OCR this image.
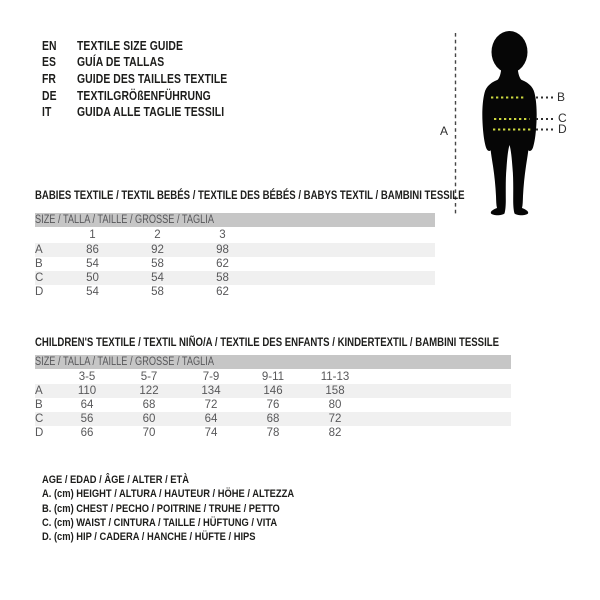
A
B
C
D
EN	TEXTILE SIZE GUIDE
ES	GUÍA DE TALLAS
FR	GUIDE DES TAILLES TEXTILE
DE	TEXTILGRÖßENFÜHRUNG
IT	GUIDA ALLE TAGLIE TESSILI
BABIES TEXTILE / TEXTIL BEBÉS / TEXTILE DES BÉBÉS / BABYS TEXTIL / BAMBINI TESSILE
SIZE / TALLA / TAILLE / GRÖSSE / TAGLIA				
	1	2	3	
A	86	92	98	
B	54	58	62	
C	50	54	58	
D	54	58	62	
CHILDREN'S TEXTILE / TEXTIL NIÑO/A / TEXTILE DES ENFANTS / KINDERTEXTIL / BAMBINI TESSILE
SIZE / TALLA / TAILLE / GRÖSSE / TAGLIA						
	3-5	5-7	7-9	9-11	11-13	
A	110	122	134	146	158	
B	64	68	72	76	80	
C	56	60	64	68	72	
D	66	70	74	78	82	
AGE / EDAD / ÂGE / ALTER / ETÀ
A. (cm) HEIGHT / ALTURA / HAUTEUR / HÖHE / ALTEZZA
B. (cm) CHEST / PECHO / POITRINE / TRUHE / PETTO
C. (cm) WAIST / CINTURA / TAILLE / HÜFTUNG / VITA
D. (cm) HIP / CADERA / HANCHE / HÜFTE / HIPS
